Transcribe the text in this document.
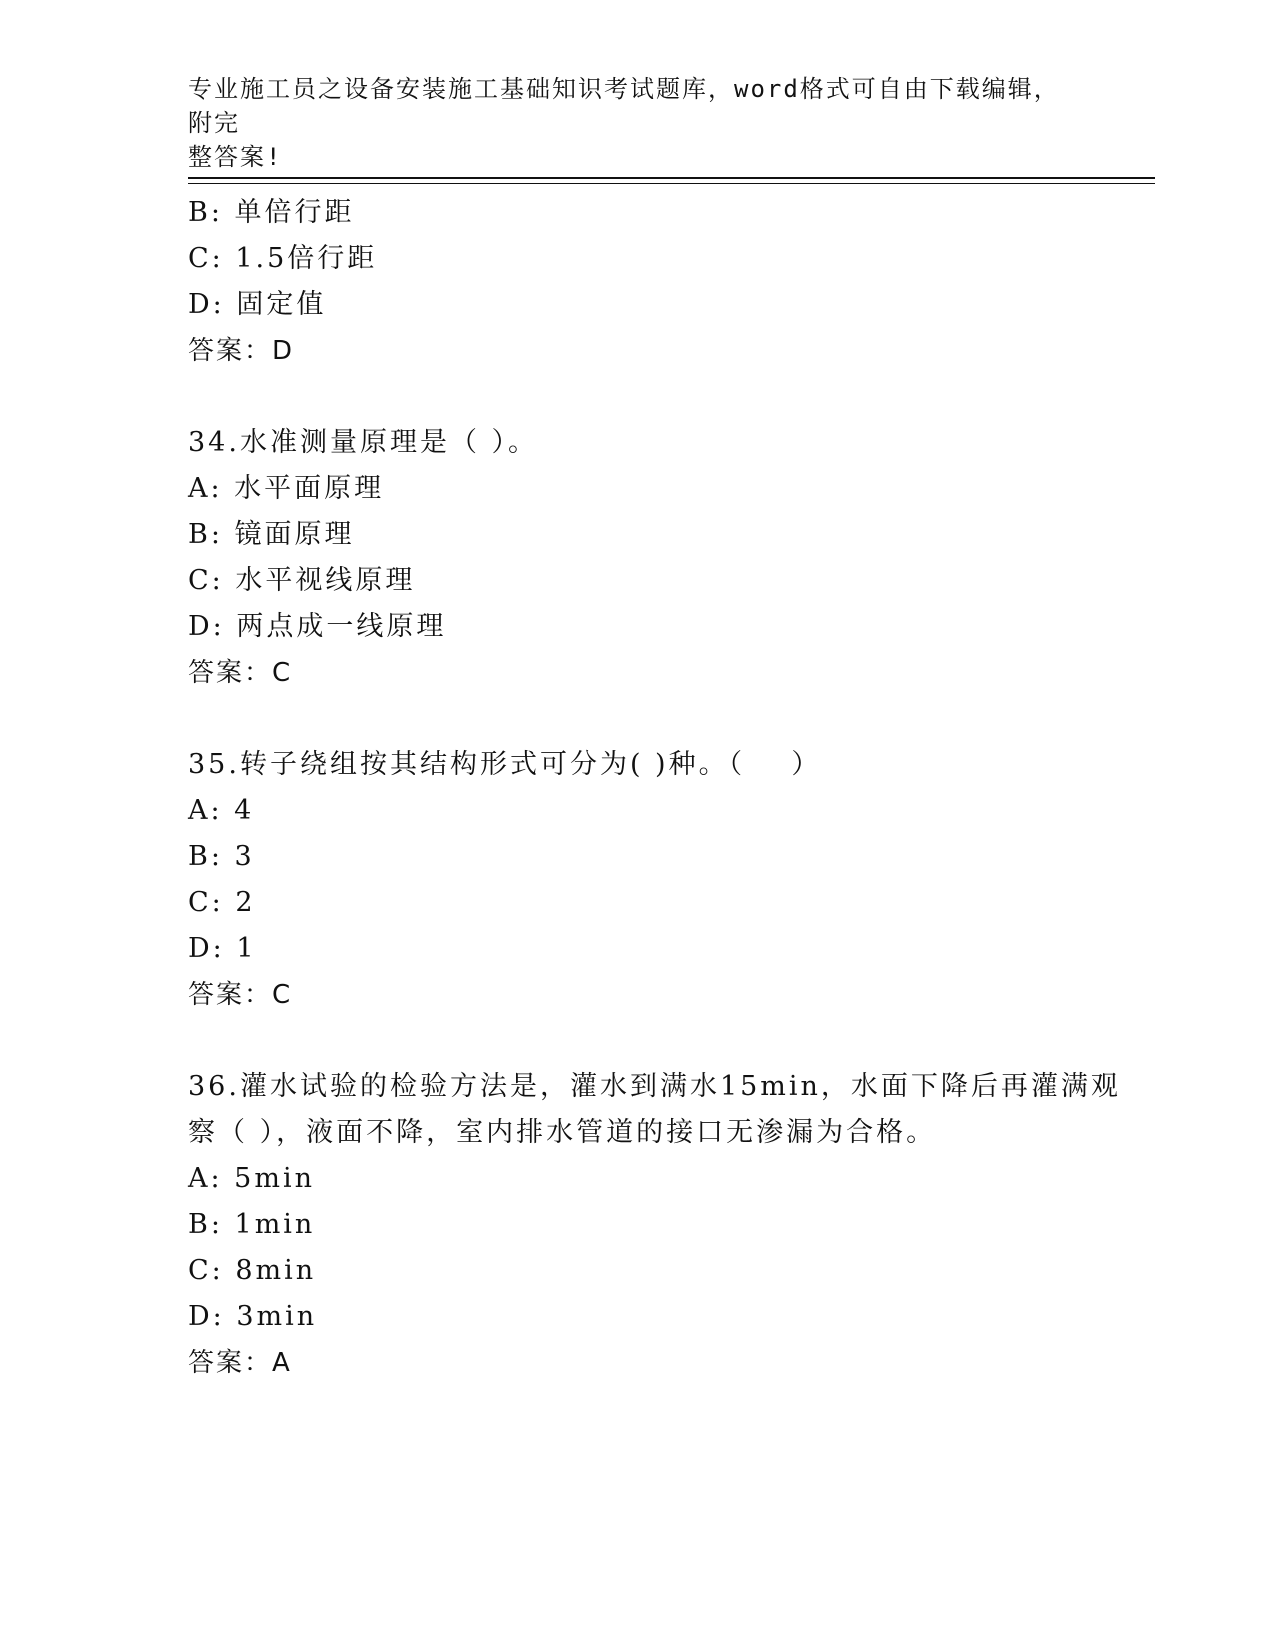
专业施工员之设备安装施工基础知识考试题库，word格式可自由下载编辑，附完
整答案!
B: 单倍行距
C: 1.5倍行距
D: 固定值
答案：D
34.水准测量原理是（ ）。
A: 水平面原理
B: 镜面原理
C: 水平视线原理
D: 两点成一线原理
答案：C
35.转子绕组按其结构形式可分为( )种。（    ）
A: 4
B: 3
C: 2
D: 1
答案：C
36.灌水试验的检验方法是，灌水到满水15min，水面下降后再灌满观
察（ ），液面不降，室内排水管道的接口无渗漏为合格。
A: 5min
B: 1min
C: 8min
D: 3min
答案：A
